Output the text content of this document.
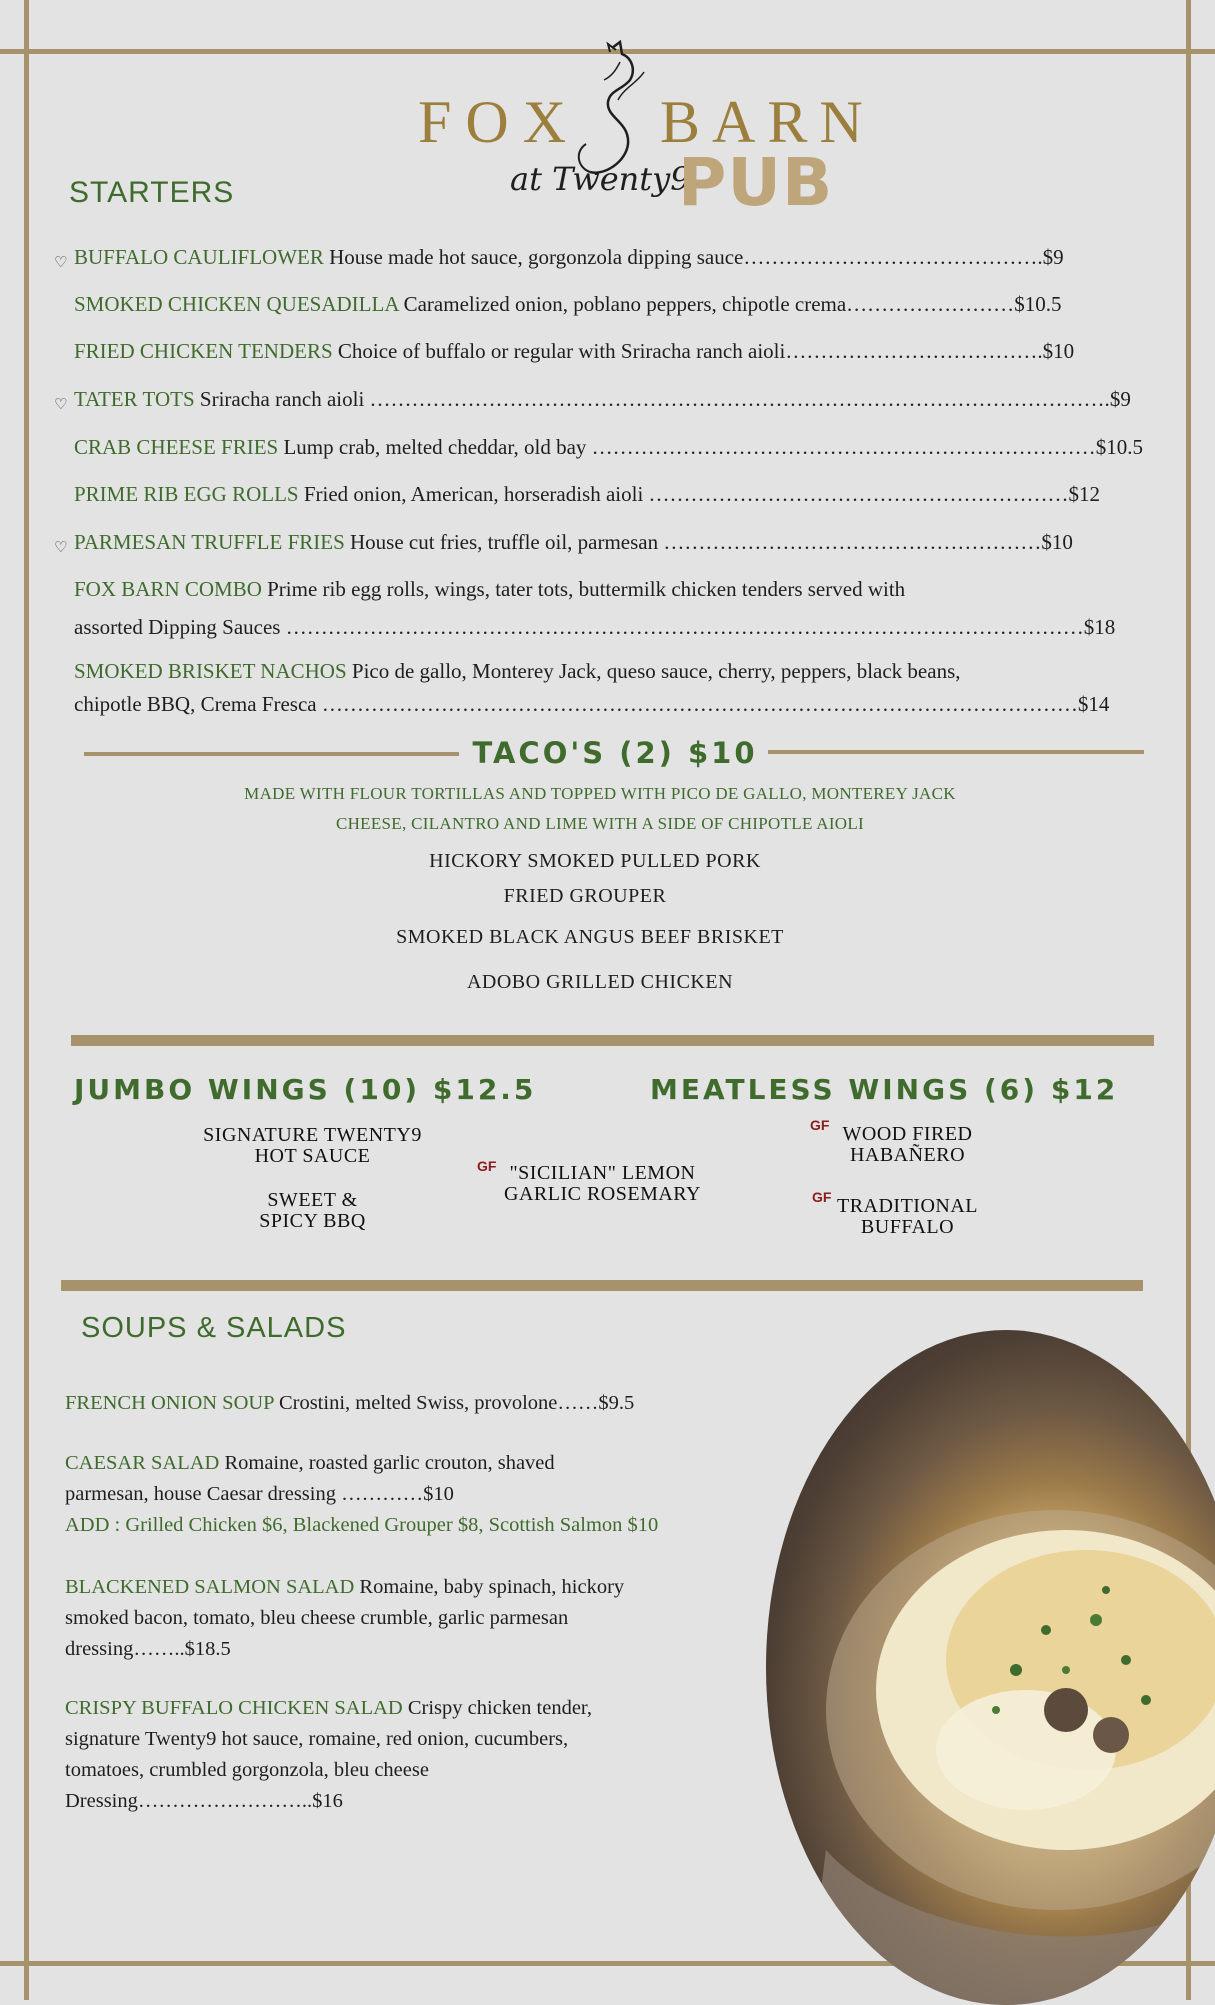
FOX BARN
at Twenty9
PUB
STARTERS
♡ BUFFALO CAULIFLOWER House made hot sauce, gorgonzola dipping sauce…………………………………….$9
SMOKED CHICKEN QUESADILLA Caramelized onion, poblano peppers, chipotle crema……………………$10.5
FRIED CHICKEN TENDERS Choice of buffalo or regular with Sriracha ranch aioli……………………………….$10
♡ TATER TOTS Sriracha ranch aioli …………………………………………………………………………………………….$9
CRAB CHEESE FRIES Lump crab, melted cheddar, old bay ………………………………………………………………$10.5
PRIME RIB EGG ROLLS Fried onion, American, horseradish aioli ……………………………………………………$12
♡ PARMESAN TRUFFLE FRIES House cut fries, truffle oil, parmesan ………………………………………………$10
FOX BARN COMBO Prime rib egg rolls, wings, tater tots, buttermilk chicken tenders served with
assorted Dipping Sauces ……………………………………………………………………………………………………$18
SMOKED BRISKET NACHOS Pico de gallo, Monterey Jack, queso sauce, cherry, peppers, black beans,
chipotle BBQ, Crema Fresca ………………………………………………………………………………………………$14
TACO'S (2) $10
MADE WITH FLOUR TORTILLAS AND TOPPED WITH PICO DE GALLO, MONTEREY JACK
CHEESE, CILANTRO AND LIME WITH A SIDE OF CHIPOTLE AIOLI
HICKORY SMOKED PULLED PORK
FRIED GROUPER
SMOKED BLACK ANGUS BEEF BRISKET
ADOBO GRILLED CHICKEN
JUMBO WINGS (10) $12.5	MEATLESS WINGS (6) $12
SIGNATURE TWENTY9
HOT SAUCE
SWEET &
SPICY BBQ
GF "SICILIAN" LEMON
GARLIC ROSEMARY
GF WOOD FIRED
HABAÑERO
GF TRADITIONAL
BUFFALO
SOUPS & SALADS
FRENCH ONION SOUP Crostini, melted Swiss, provolone……$9.5
CAESAR SALAD Romaine, roasted garlic crouton, shaved
parmesan, house Caesar dressing …………$10
ADD : Grilled Chicken $6, Blackened Grouper $8, Scottish Salmon $10
BLACKENED SALMON SALAD Romaine, baby spinach, hickory
smoked bacon, tomato, bleu cheese crumble, garlic parmesan
dressing……..$18.5
CRISPY BUFFALO CHICKEN SALAD Crispy chicken tender,
signature Twenty9 hot sauce, romaine, red onion, cucumbers,
tomatoes, crumbled gorgonzola, bleu cheese
Dressing……………………..$16
